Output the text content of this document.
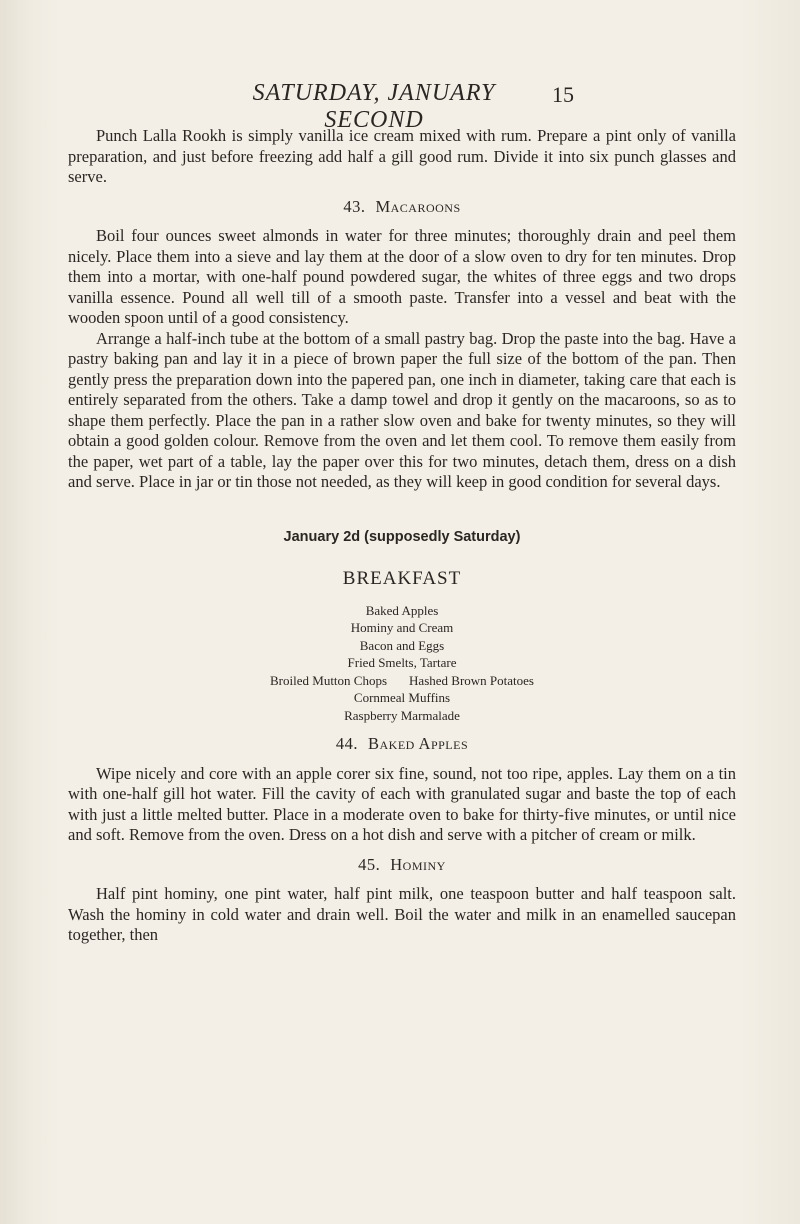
SATURDAY, JANUARY SECOND
15

Punch Lalla Rookh is simply vanilla ice cream mixed with rum. Prepare a pint only of vanilla preparation, and just before freezing add half a gill good rum. Divide it into six punch glasses and serve.

43. Macaroons

Boil four ounces sweet almonds in water for three minutes; thoroughly drain and peel them nicely. Place them into a sieve and lay them at the door of a slow oven to dry for ten minutes. Drop them into a mortar, with one-half pound powdered sugar, the whites of three eggs and two drops vanilla essence. Pound all well till of a smooth paste. Transfer into a vessel and beat with the wooden spoon until of a good consistency.

Arrange a half-inch tube at the bottom of a small pastry bag. Drop the paste into the bag. Have a pastry baking pan and lay it in a piece of brown paper the full size of the bottom of the pan. Then gently press the preparation down into the papered pan, one inch in diameter, taking care that each is entirely separated from the others. Take a damp towel and drop it gently on the macaroons, so as to shape them perfectly. Place the pan in a rather slow oven and bake for twenty minutes, so they will obtain a good golden colour. Remove from the oven and let them cool. To remove them easily from the paper, wet part of a table, lay the paper over this for two minutes, detach them, dress on a dish and serve. Place in jar or tin those not needed, as they will keep in good condition for several days.

January 2d (supposedly Saturday)
BREAKFAST
Baked Apples
Hominy and Cream
Bacon and Eggs
Fried Smelts, Tartare
Broiled Mutton Chops Hashed Brown Potatoes
Cornmeal Muffins
Raspberry Marmalade
44. Baked Apples

Wipe nicely and core with an apple corer six fine, sound, not too ripe, apples. Lay them on a tin with one-half gill hot water. Fill the cavity of each with granulated sugar and baste the top of each with just a little melted butter. Place in a moderate oven to bake for thirty-five minutes, or until nice and soft. Remove from the oven. Dress on a hot dish and serve with a pitcher of cream or milk.

45. Hominy

Half pint hominy, one pint water, half pint milk, one teaspoon butter and half teaspoon salt. Wash the hominy in cold water and drain well. Boil the water and milk in an enamelled saucepan together, then
